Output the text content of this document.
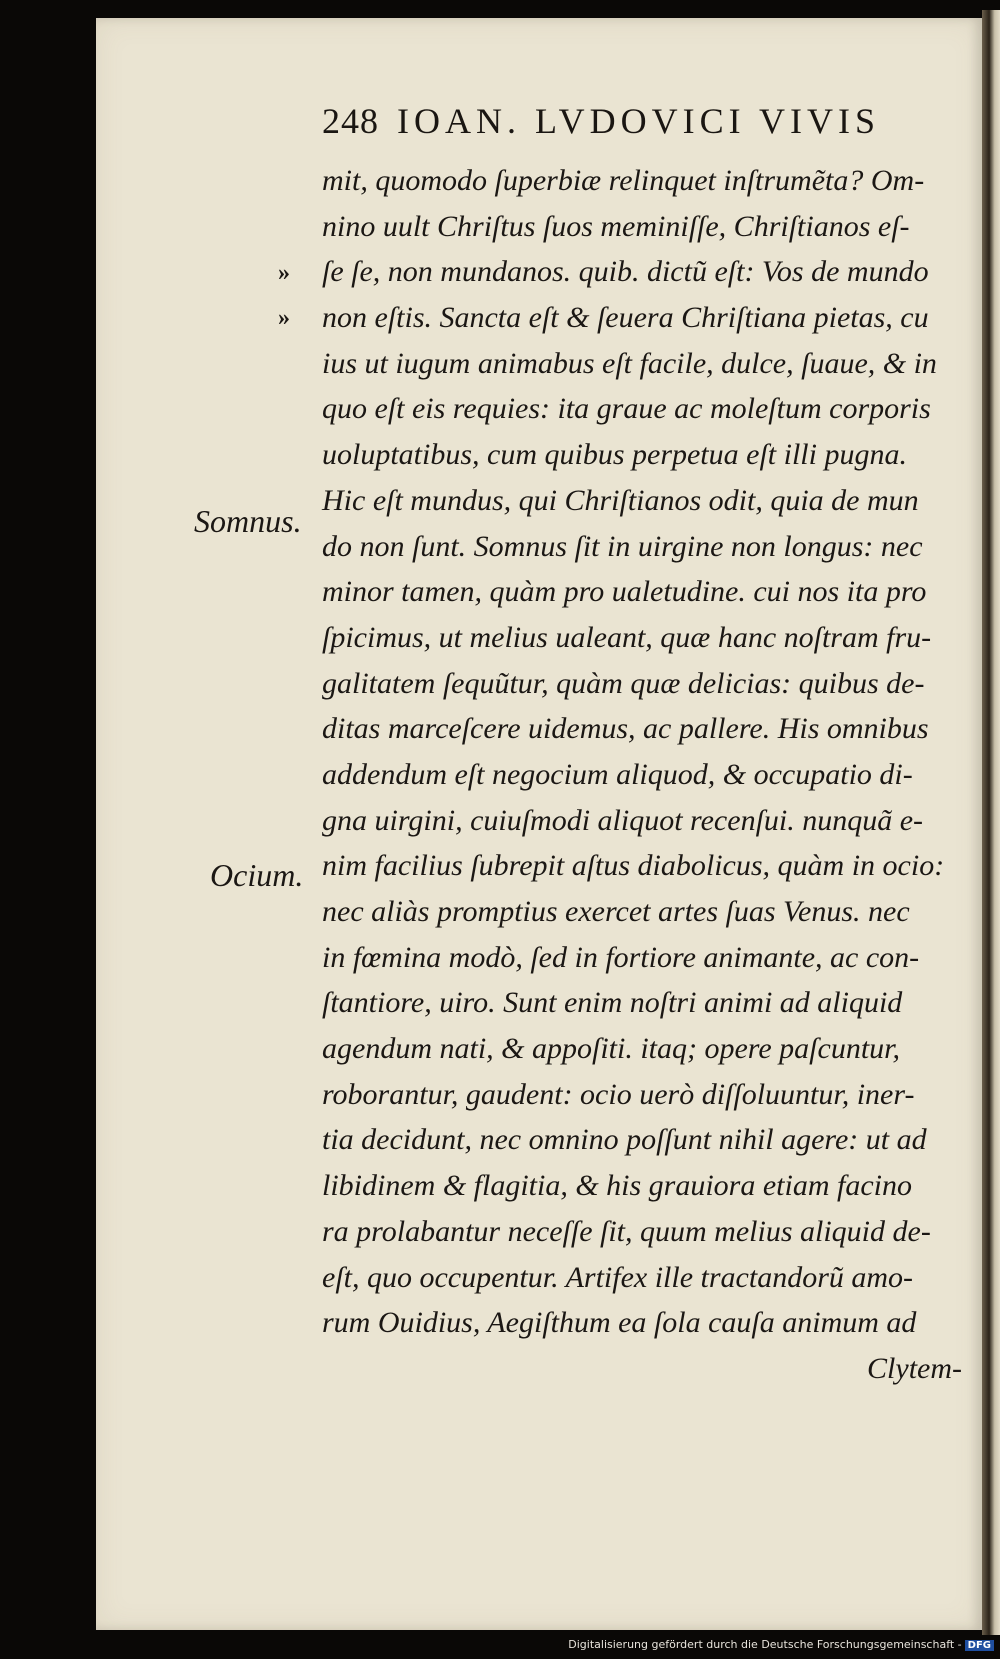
248 IOAN. LVDOVICI VIVIS
»
»
Somnus.
Ocium.
mit, quomodo ſuperbiæ relinquet inſtrumẽta? Om-
nino uult Chriſtus ſuos meminiſſe, Chriſtianos eſ-
ſe ſe, non mundanos. quib. dictũ eſt: Vos de mundo
non eſtis. Sancta eſt & ſeuera Chriſtiana pietas, cu
ius ut iugum animabus eſt facile, dulce, ſuaue, & in
quo eſt eis requies: ita graue ac moleſtum corporis
uoluptatibus, cum quibus perpetua eſt illi pugna.
Hic eſt mundus, qui Chriſtianos odit, quia de mun
do non ſunt. Somnus ſit in uirgine non longus: nec
minor tamen, quàm pro ualetudine. cui nos ita pro
ſpicimus, ut melius ualeant, quæ hanc noſtram fru-
galitatem ſequũtur, quàm quæ delicias: quibus de-
ditas marceſcere uidemus, ac pallere. His omnibus
addendum eſt negocium aliquod, & occupatio di-
gna uirgini, cuiuſmodi aliquot recenſui. nunquã e-
nim facilius ſubrepit aſtus diabolicus, quàm in ocio:
nec aliàs promptius exercet artes ſuas Venus. nec
in fœmina modò, ſed in fortiore animante, ac con-
ſtantiore, uiro. Sunt enim noſtri animi ad aliquid
agendum nati, & appoſiti. itaq; opere paſcuntur,
roborantur, gaudent: ocio uerò diſſoluuntur, iner-
tia decidunt, nec omnino poſſunt nihil agere: ut ad
libidinem & flagitia, & his grauiora etiam facino
ra prolabantur neceſſe ſit, quum melius aliquid de-
eſt, quo occupentur. Artifex ille tractandorũ amo-
rum Ouidius, Aegiſthum ea ſola cauſa animum ad
Clytem-
Digitalisierung gefördert durch die Deutsche Forschungsgemeinschaft - DFG
